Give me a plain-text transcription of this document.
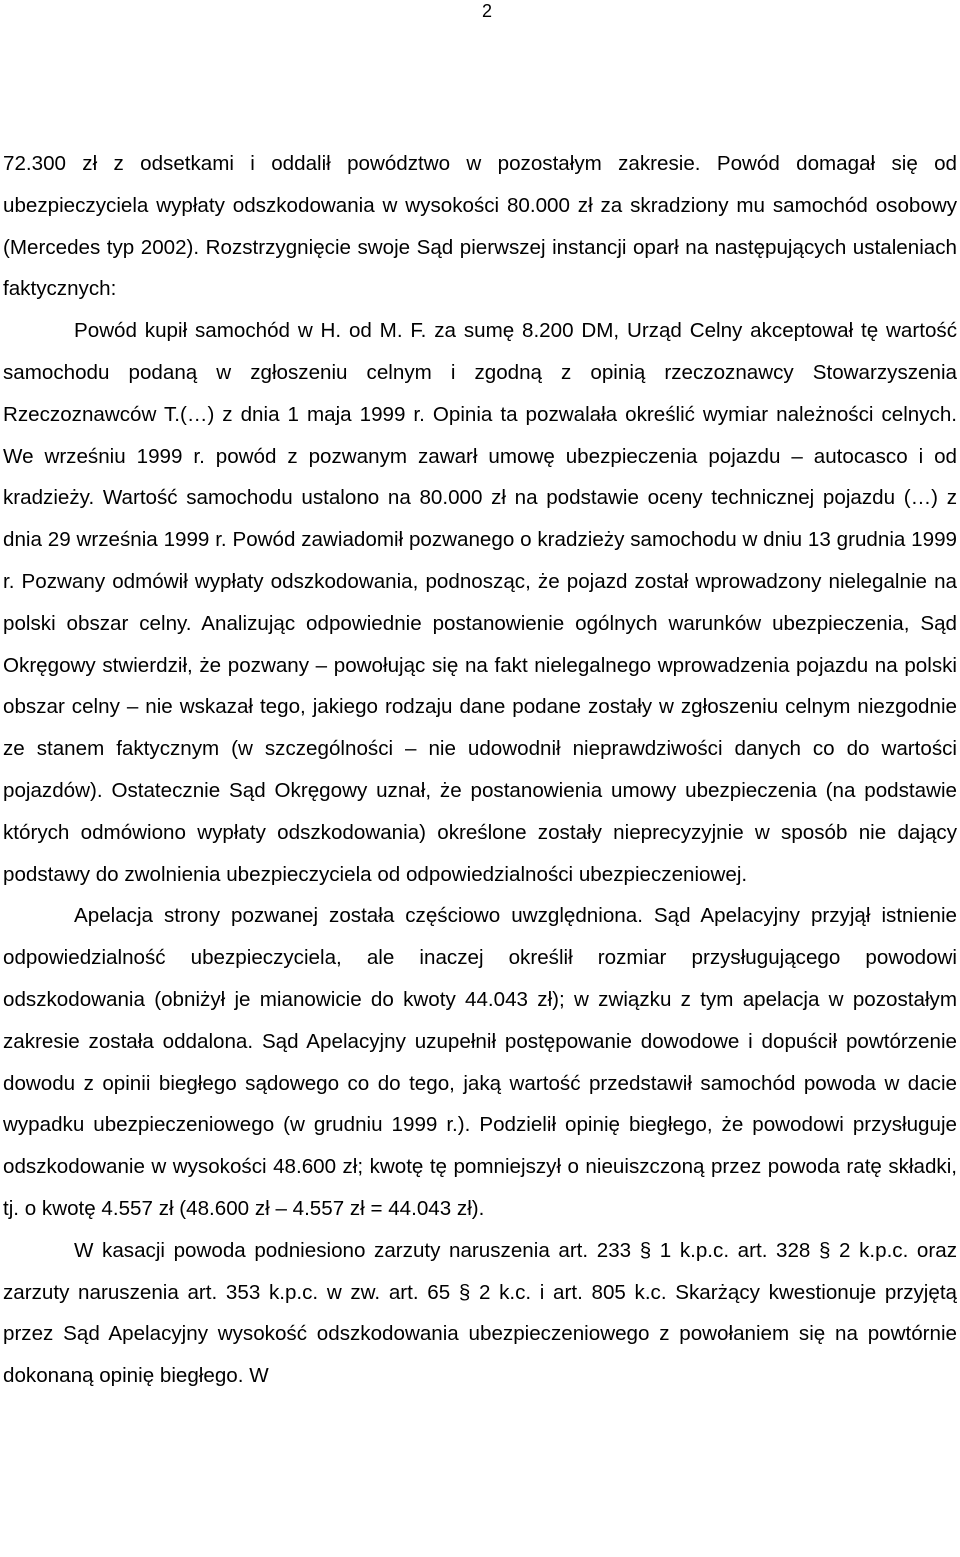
2

72.300 zł z odsetkami i oddalił powództwo w pozostałym zakresie. Powód domagał się od ubezpieczyciela wypłaty odszkodowania w wysokości 80.000 zł za skradziony mu samochód osobowy (Mercedes typ 2002). Rozstrzygnięcie swoje Sąd pierwszej instancji oparł na następujących ustaleniach faktycznych:

Powód kupił samochód w H. od M. F. za sumę 8.200 DM, Urząd Celny akceptował tę wartość samochodu podaną w zgłoszeniu celnym i zgodną z opinią rzeczoznawcy Stowarzyszenia Rzeczoznawców T.(…) z dnia 1 maja 1999 r. Opinia ta pozwalała określić wymiar należności celnych. We wrześniu 1999 r. powód z pozwanym zawarł umowę ubezpieczenia pojazdu – autocasco i od kradzieży. Wartość samochodu ustalono na 80.000 zł na podstawie oceny technicznej pojazdu (…) z dnia 29 września 1999 r. Powód zawiadomił pozwanego o kradzieży samochodu w dniu 13 grudnia 1999 r. Pozwany odmówił wypłaty odszkodowania, podnosząc, że pojazd został wprowadzony nielegalnie na polski obszar celny. Analizując odpowiednie postanowienie ogólnych warunków ubezpieczenia, Sąd Okręgowy stwierdził, że pozwany – powołując się na fakt nielegalnego wprowadzenia pojazdu na polski obszar celny – nie wskazał tego, jakiego rodzaju dane podane zostały w zgłoszeniu celnym niezgodnie ze stanem faktycznym (w szczególności – nie udowodnił nieprawdziwości danych co do wartości pojazdów). Ostatecznie Sąd Okręgowy uznał, że postanowienia umowy ubezpieczenia (na podstawie których odmówiono wypłaty odszkodowania) określone zostały nieprecyzyjnie w sposób nie dający podstawy do zwolnienia ubezpieczyciela od odpowiedzialności ubezpieczeniowej.

Apelacja strony pozwanej została częściowo uwzględniona. Sąd Apelacyjny przyjął istnienie odpowiedzialność ubezpieczyciela, ale inaczej określił rozmiar przysługującego powodowi odszkodowania (obniżył je mianowicie do kwoty 44.043 zł); w związku z tym apelacja w pozostałym zakresie została oddalona. Sąd Apelacyjny uzupełnił postępowanie dowodowe i dopuścił powtórzenie dowodu z opinii biegłego sądowego co do tego, jaką wartość przedstawił samochód powoda w dacie wypadku ubezpieczeniowego (w grudniu 1999 r.). Podzielił opinię biegłego, że powodowi przysługuje odszkodowanie w wysokości 48.600 zł; kwotę tę pomniejszył o nieuiszczoną przez powoda ratę składki, tj. o kwotę 4.557 zł (48.600 zł – 4.557 zł = 44.043 zł).

W kasacji powoda podniesiono zarzuty naruszenia art. 233 § 1 k.p.c. art. 328 § 2 k.p.c. oraz zarzuty naruszenia art. 353 k.p.c. w zw. art. 65 § 2 k.c. i art. 805 k.c. Skarżący kwestionuje przyjętą przez Sąd Apelacyjny wysokość odszkodowania ubezpieczeniowego z powołaniem się na powtórnie dokonaną opinię biegłego. W
